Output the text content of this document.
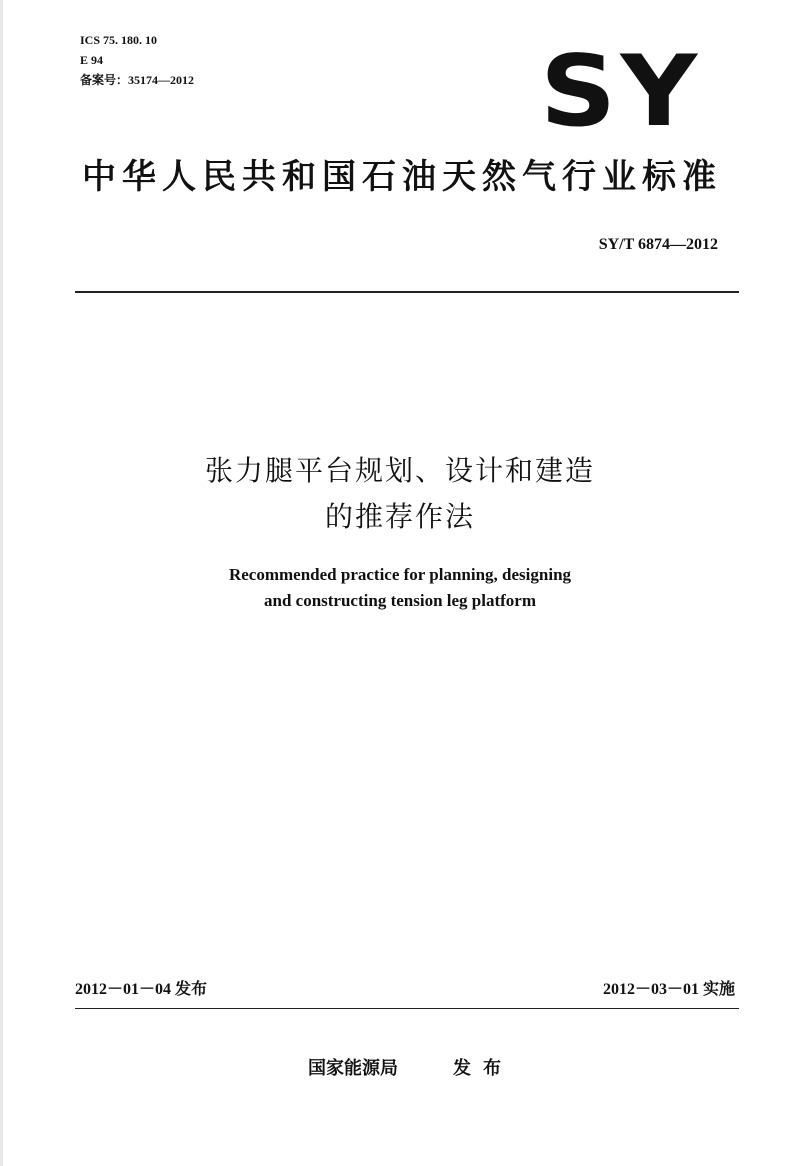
ICS 75. 180. 10
E 94
备案号：35174—2012	SY
中华人民共和国石油天然气行业标准
SY/T 6874—2012
张力腿平台规划、设计和建造
的推荐作法
Recommended practice for planning, designing
and constructing tension leg platform
2012－01－04 发布	2012－03－01 实施
国家能源局	发布
